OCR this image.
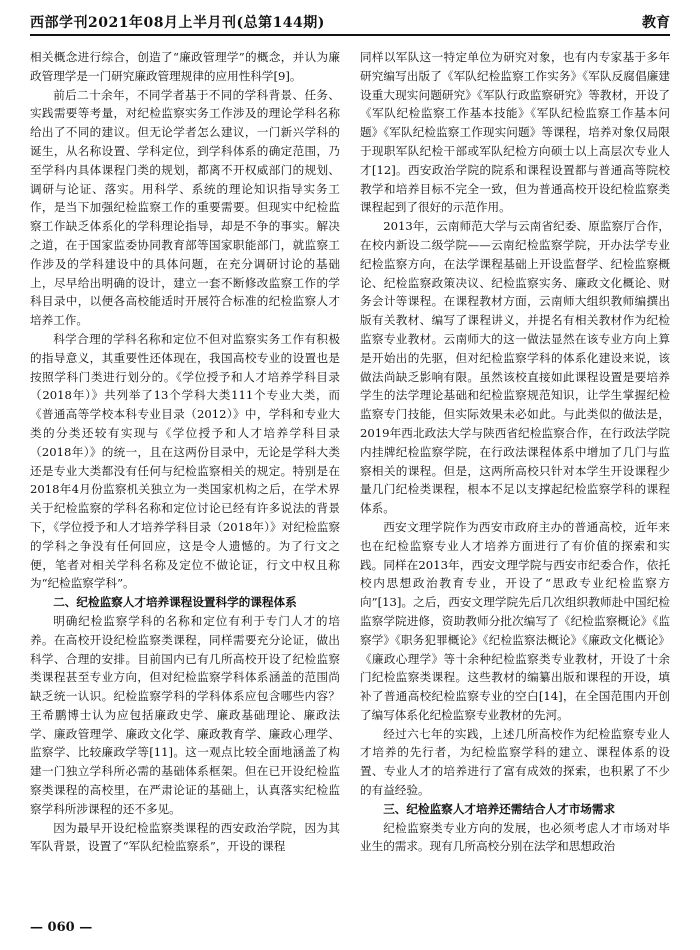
西部学刊2021年08月上半月刊(总第144期)	教育

相关概念进行综合，创造了“廉政管理学”的概念，并认为廉政管理学是一门研究廉政管理规律的应用性科学[9]。

前后二十余年，不同学者基于不同的学科背景、任务、实践需要等考量，对纪检监察实务工作涉及的理论学科名称给出了不同的建议。但无论学者怎么建议，一门新兴学科的诞生，从名称设置、学科定位，到学科体系的确定范围，乃至学科内具体课程门类的规划，都离不开权威部门的规划、调研与论证、落实。用科学、系统的理论知识指导实务工作，是当下加强纪检监察工作的重要需要。但现实中纪检监察工作缺乏体系化的学科理论指导，却是不争的事实。解决之道，在于国家监委协同教育部等国家职能部门，就监察工作涉及的学科建设中的具体问题，在充分调研讨论的基础上，尽早给出明确的设计，建立一套不断修改监察工作的学科目录中，以便各高校能适时开展符合标准的纪检监察人才培养工作。

科学合理的学科名称和定位不但对监察实务工作有积极的指导意义，其重要性还体现在，我国高校专业的设置也是按照学科门类进行划分的。《学位授予和人才培养学科目录（2018年）》共列举了13个学科大类111个专业大类，而《普通高等学校本科专业目录（2012）》中，学科和专业大类的分类还较有实现与《学位授予和人才培养学科目录（2018年）》的统一，且在这两份目录中，无论是学科大类还是专业大类都没有任何与纪检监察相关的规定。特别是在2018年4月份监察机关独立为一类国家机构之后，在学术界关于纪检监察的学科名称和定位讨论已经有许多说法的背景下，《学位授予和人才培养学科目录（2018年）》对纪检监察的学科之争没有任何回应，这是令人遗憾的。为了行文之便，笔者对相关学科名称及定位不做论证，行文中权且称为“纪检监察学科”。

二、纪检监察人才培养课程设置科学的课程体系

明确纪检监察学科的名称和定位有利于专门人才的培养。在高校开设纪检监察类课程，同样需要充分论证，做出科学、合理的安排。目前国内已有几所高校开设了纪检监察类课程甚至专业方向，但对纪检监察学科体系涵盖的范围尚缺乏统一认识。纪检监察学科的学科体系应包含哪些内容？王希鹏博士认为应包括廉政史学、廉政基础理论、廉政法学、廉政管理学、廉政文化学、廉政教育学、廉政心理学、监察学、比较廉政学等[11]。这一观点比较全面地涵盖了构建一门独立学科所必需的基础体系框架。但在已开设纪检监察类课程的高校里，在严肃论证的基础上，认真落实纪检监察学科所涉课程的还不多见。

因为最早开设纪检监察类课程的西安政治学院，因为其军队背景，设置了“军队纪检监察系”，开设的课程

同样以军队这一特定单位为研究对象，也有内专家基于多年研究编写出版了《军队纪检监察工作实务》《军队反腐倡廉建设重大现实问题研究》《军队行政监察研究》等教材，开设了《军队纪检监察工作基本技能》《军队纪检监察工作基本问题》《军队纪检监察工作现实问题》等课程，培养对象仅局限于现职军队纪检干部或军队纪检方向硕士以上高层次专业人才[12]。西安政治学院的院系和课程设置都与普通高等院校教学和培养目标不完全一致，但为普通高校开设纪检监察类课程起到了很好的示范作用。

2013年，云南师范大学与云南省纪委、原监察厅合作，在校内新设二级学院——云南纪检监察学院，开办法学专业纪检监察方向，在法学课程基础上开设监督学、纪检监察概论、纪检监察政策决议、纪检监察实务、廉政文化概论、财务会计等课程。在课程教材方面，云南师大组织教师编撰出版有关教材、编写了课程讲义，并提名有相关教材作为纪检监察专业教材。云南师大的这一做法显然在该专业方向上算是开始出的先驱，但对纪检监察学科的体系化建设来说，该做法尚缺乏影响有限。虽然该校直接如此课程设置是要培养学生的法学理论基础和纪检监察规范知识，让学生掌握纪检监察专门技能，但实际效果未必如此。与此类似的做法是，2019年西北政法大学与陕西省纪检监察合作，在行政法学院内挂牌纪检监察学院，在行政法课程体系中增加了几门与监察相关的课程。但是，这两所高校只针对本学生开设课程少量几门纪检类课程，根本不足以支撑起纪检监察学科的课程体系。

西安文理学院作为西安市政府主办的普通高校，近年来也在纪检监察专业人才培养方面进行了有价值的探索和实践。同样在2013年，西安文理学院与西安市纪委合作，依托校内思想政治教育专业，开设了“思政专业纪检监察方向”[13]。之后，西安文理学院先后几次组织教师赴中国纪检监察学院进修，资助教师分批次编写了《纪检监察概论》《监察学》《职务犯罪概论》《纪检监察法概论》《廉政文化概论》《廉政心理学》等十余种纪检监察类专业教材，开设了十余门纪检监察类课程。这些教材的编纂出版和课程的开设，填补了普通高校纪检监察专业的空白[14]，在全国范围内开创了编写体系化纪检监察专业教材的先河。

经过六七年的实践，上述几所高校作为纪检监察专业人才培养的先行者，为纪检监察学科的建立、课程体系的设置、专业人才的培养进行了富有成效的探索，也积累了不少的有益经验。

三、纪检监察人才培养还需结合人才市场需求

纪检监察类专业方向的发展，也必须考虑人才市场对毕业生的需求。现有几所高校分别在法学和思想政治

— 060 —
